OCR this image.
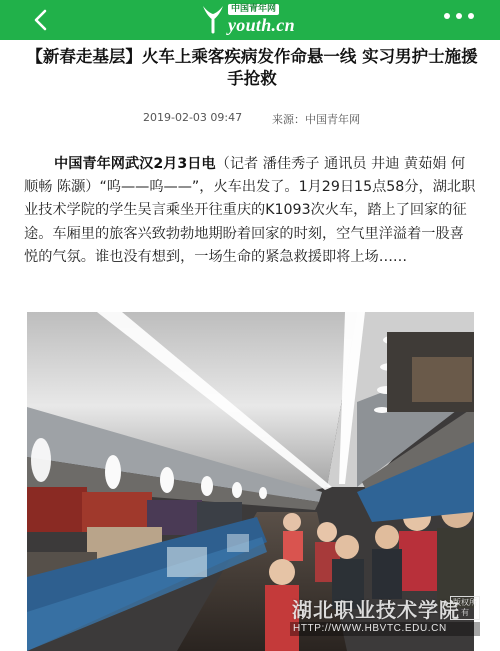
中国青年网
youth.cn
【新春走基层】火车上乘客疾病发作命悬一线 实习男护士施援手抢救
2019-02-03 09:47	来源：中国青年网

中国青年网武汉2月3日电（记者 潘佳秀子 通讯员 井迪 黄茹娟 何顺畅 陈灏）“呜——呜——”，火车出发了。1月29日15点58分，湖北职业技术学院的学生吴言乘坐开往重庆的K1093次火车，踏上了回家的征途。车厢里的旅客兴致勃勃地期盼着回家的时刻，空气里洋溢着一股喜悦的气氛。谁也没有想到，一场生命的紧急救援即将上场……

湖北职业技术学院
版权所有
HTTP://WWW.HBVTC.EDU.CN
